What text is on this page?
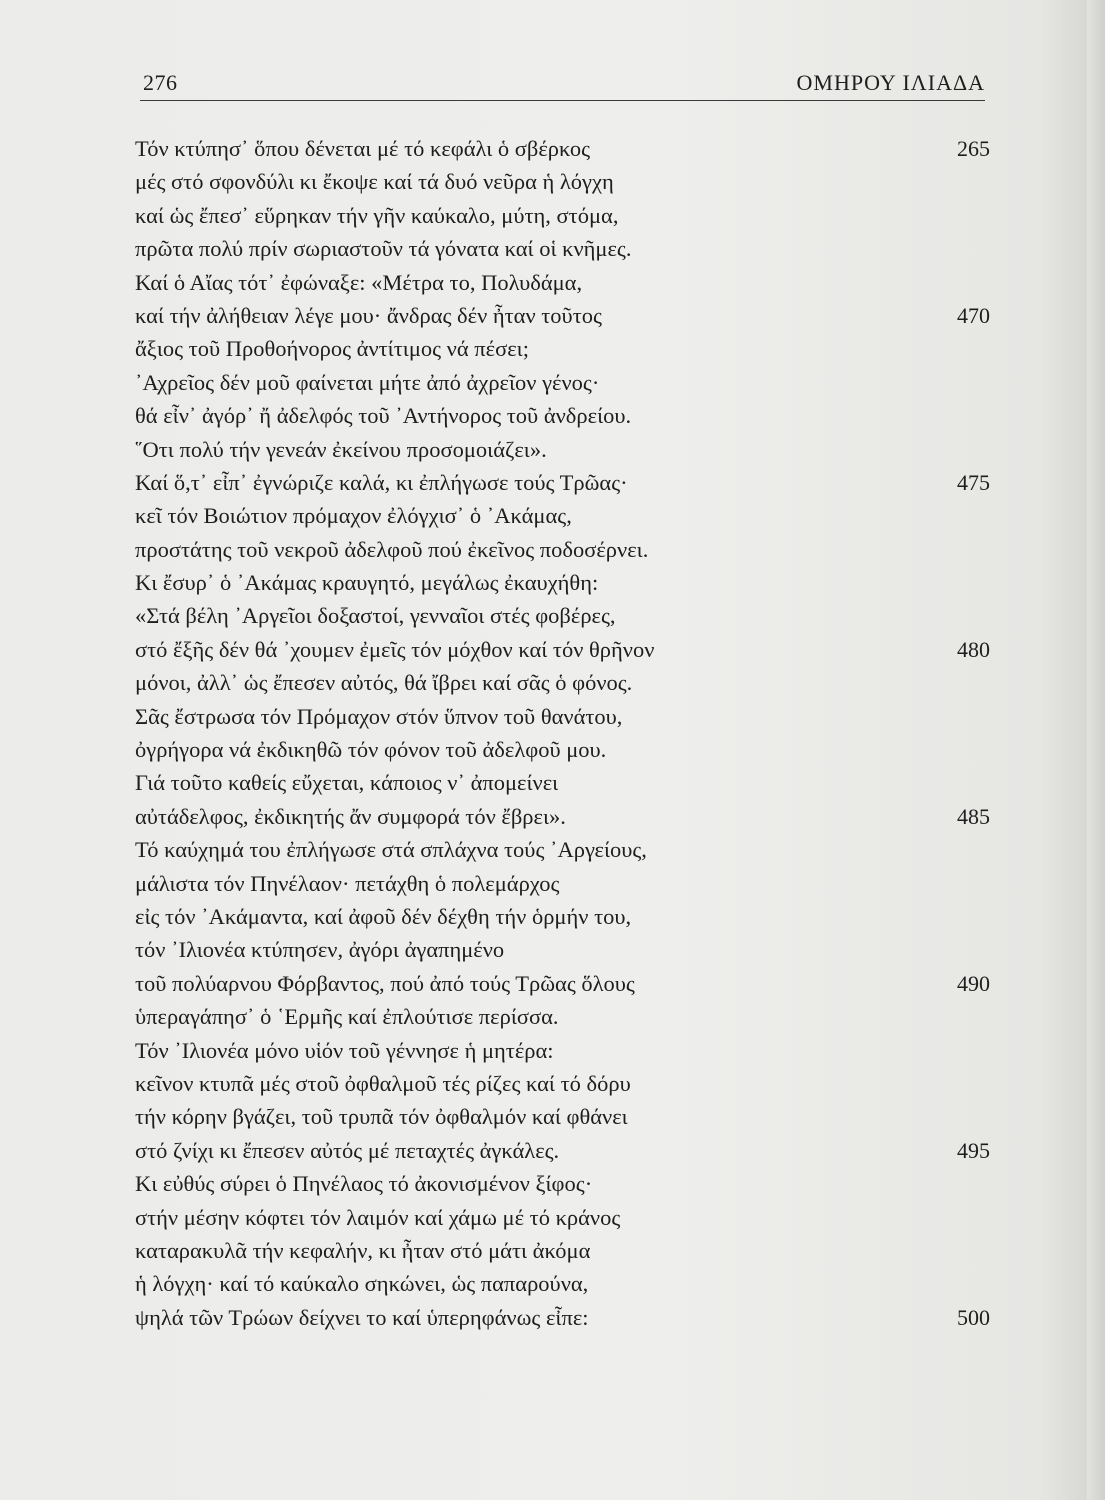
276	ΟΜΗΡΟΥ ΙΛΙΑΔΑ
Τόν κτύπησ᾽ ὅπου δένεται μέ τό κεφάλι ὁ σβέρκος	265
μές στό σφονδύλι κι ἔκοψε καί τά δυό νεῦρα ἡ λόγχη
καί ὡς ἔπεσ᾽ εὕρηκαν τήν γῆν καύκαλο, μύτη, στόμα,
πρῶτα πολύ πρίν σωριαστοῦν τά γόνατα καί οἱ κνῆμες.
Καί ὁ Αἴας τότ᾽ ἐφώναξε: «Μέτρα το, Πολυδάμα,
καί τήν ἀλήθειαν λέγε μου· ἄνδρας δέν ἦταν τοῦτος	470
ἄξιος τοῦ Προθοήνορος ἀντίτιμος νά πέσει;
᾽Αχρεῖος δέν μοῦ φαίνεται μήτε ἀπό ἀχρεῖον γένος·
θά εἶν᾽ ἀγόρ᾽ ἤ ἀδελφός τοῦ ᾽Αντήνορος τοῦ ἀνδρείου.
῞Οτι πολύ τήν γενεάν ἐκείνου προσομοιάζει».
Καί ὅ,τ᾽ εἶπ᾽ ἐγνώριζε καλά, κι ἐπλήγωσε τούς Τρῶας·	475
κεῖ τόν Βοιώτιον πρόμαχον ἐλόγχισ᾽ ὁ ᾽Ακάμας,
προστάτης τοῦ νεκροῦ ἀδελφοῦ πού ἐκεῖνος ποδοσέρνει.
Κι ἔσυρ᾽ ὁ ᾽Ακάμας κραυγητό, μεγάλως ἐκαυχήθη:
«Στά βέλη ᾽Αργεῖοι δοξαστοί, γενναῖοι στές φοβέρες,
στό ἔξῆς δέν θά ᾽χουμεν ἐμεῖς τόν μόχθον καί τόν θρῆνον	480
μόνοι, ἀλλ᾽ ὡς ἔπεσεν αὐτός, θά ἴβρει καί σᾶς ὁ φόνος.
Σᾶς ἔστρωσα τόν Πρόμαχον στόν ὕπνον τοῦ θανάτου,
ὀγρήγορα νά ἐκδικηθῶ τόν φόνον τοῦ ἀδελφοῦ μου.
Γιά τοῦτο καθείς εὔχεται, κάποιος ν᾽ ἀπομείνει
αὐτάδελφος, ἐκδικητής ἄν συμφορά τόν ἔβρει».	485
Τό καύχημά του ἐπλήγωσε στά σπλάχνα τούς ᾽Αργείους,
μάλιστα τόν Πηνέλαον· πετάχθη ὁ πολεμάρχος
εἰς τόν ᾽Ακάμαντα, καί ἀφοῦ δέν δέχθη τήν ὁρμήν του,
τόν ᾽Ιλιονέα κτύπησεν, ἀγόρι ἀγαπημένο
τοῦ πολύαρνου Φόρβαντος, πού ἀπό τούς Τρῶας ὅλους	490
ὑπεραγάπησ᾽ ὁ ῾Ερμῆς καί ἐπλούτισε περίσσα.
Τόν ᾽Ιλιονέα μόνο υἱόν τοῦ γέννησε ἡ μητέρα:
κεῖνον κτυπᾶ μές στοῦ ὀφθαλμοῦ τές ρίζες καί τό δόρυ
τήν κόρην βγάζει, τοῦ τρυπᾶ τόν ὀφθαλμόν καί φθάνει
στό ζνίχι κι ἔπεσεν αὐτός μέ πεταχτές ἀγκάλες.	495
Κι εὐθύς σύρει ὁ Πηνέλαος τό ἀκονισμένον ξίφος·
στήν μέσην κόφτει τόν λαιμόν καί χάμω μέ τό κράνος
καταρακυλᾶ τήν κεφαλήν, κι ἦταν στό μάτι ἀκόμα
ἡ λόγχη· καί τό καύκαλο σηκώνει, ὡς παπαρούνα,
ψηλά τῶν Τρώων δείχνει το καί ὑπερηφάνως εἶπε:	500
